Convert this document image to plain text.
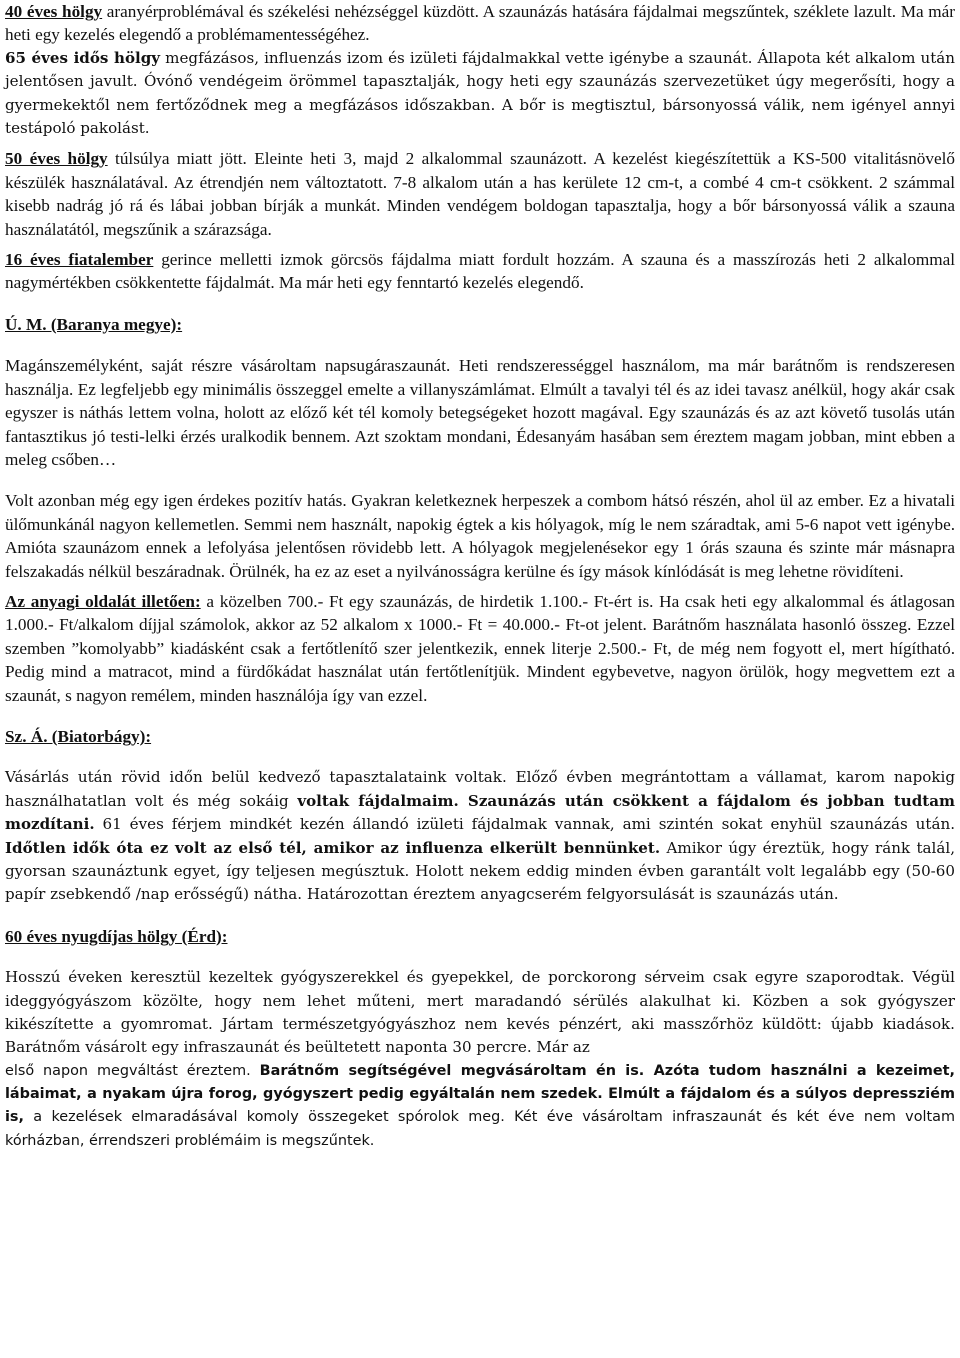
40 éves hölgy aranyérproblémával és székelési nehézséggel küzdött. A szaunázás hatására fájdalmai megszűntek, széklete lazult. Ma már heti egy kezelés elegendő a problémamentességéhez.

65 éves idős hölgy megfázásos, influenzás izom és izületi fájdalmakkal vette igénybe a szaunát. Állapota két alkalom után jelentősen javult. Óvónő vendégeim örömmel tapasztalják, hogy heti egy szaunázás szervezetüket úgy megerősíti, hogy a gyermekektől nem fertőződnek meg a megfázásos időszakban. A bőr is megtisztul, bársonyossá válik, nem igényel annyi testápoló pakolást.

50 éves hölgy túlsúlya miatt jött. Eleinte heti 3, majd 2 alkalommal szaunázott. A kezelést kiegészítettük a KS-500 vitalitásnövelő készülék használatával. Az étrendjén nem változtatott. 7-8 alkalom után a has kerülete 12 cm-t, a combé 4 cm-t csökkent. 2 számmal kisebb nadrág jó rá és lábai jobban bírják a munkát. Minden vendégem boldogan tapasztalja, hogy a bőr bársonyossá válik a szauna használatától, megszűnik a szárazsága.

16 éves fiatalember gerince melletti izmok görcsös fájdalma miatt fordult hozzám. A szauna és a masszírozás heti 2 alkalommal nagymértékben csökkentette fájdalmát. Ma már heti egy fenntartó kezelés elegendő.

Ú. M. (Baranya megye):

Magánszemélyként, saját részre vásároltam napsugáraszaunát. Heti rendszerességgel használom, ma már barátnőm is rendszeresen használja. Ez legfeljebb egy minimális összeggel emelte a villanyszámlámat. Elmúlt a tavalyi tél és az idei tavasz anélkül, hogy akár csak egyszer is náthás lettem volna, holott az előző két tél komoly betegségeket hozott magával. Egy szaunázás és az azt követő tusolás után fantasztikus jó testi-lelki érzés uralkodik bennem. Azt szoktam mondani, Édesanyám hasában sem éreztem magam jobban, mint ebben a meleg csőben…

Volt azonban még egy igen érdekes pozitív hatás. Gyakran keletkeznek herpeszek a combom hátsó részén, ahol ül az ember. Ez a hivatali ülőmunkánál nagyon kellemetlen. Semmi nem használt, napokig égtek a kis hólyagok, míg le nem száradtak, ami 5-6 napot vett igénybe. Amióta szaunázom ennek a lefolyása jelentősen rövidebb lett. A hólyagok megjelenésekor egy 1 órás szauna és szinte már másnapra felszakadás nélkül beszáradnak. Örülnék, ha ez az eset a nyilvánosságra kerülne és így mások kínlódását is meg lehetne rövidíteni.

Az anyagi oldalát illetően: a közelben 700.- Ft egy szaunázás, de hirdetik 1.100.- Ft-ért is. Ha csak heti egy alkalommal és átlagosan 1.000.- Ft/alkalom díjjal számolok, akkor az 52 alkalom x 1000.- Ft = 40.000.- Ft-ot jelent. Barátnőm használata hasonló összeg. Ezzel szemben ”komolyabb” kiadásként csak a fertőtlenítő szer jelentkezik, ennek literje 2.500.- Ft, de még nem fogyott el, mert hígítható. Pedig mind a matracot, mind a fürdőkádat használat után fertőtlenítjük. Mindent egybevetve, nagyon örülök, hogy megvettem ezt a szaunát, s nagyon remélem, minden használója így van ezzel.

Sz. Á. (Biatorbágy):

Vásárlás után rövid időn belül kedvező tapasztalataink voltak. Előző évben megrántottam a vállamat, karom napokig használhatatlan volt és még sokáig voltak fájdalmaim. Szaunázás után csökkent a fájdalom és jobban tudtam mozdítani. 61 éves férjem mindkét kezén állandó izületi fájdalmak vannak, ami szintén sokat enyhül szaunázás után. Időtlen idők óta ez volt az első tél, amikor az influenza elkerült bennünket. Amikor úgy éreztük, hogy ránk talál, gyorsan szaunáztunk egyet, így teljesen megúsztuk. Holott nekem eddig minden évben garantált volt legalább egy (50-60 papír zsebkendő /nap erősségű) nátha. Határozottan éreztem anyagcserém felgyorsulását is szaunázás után.

60 éves nyugdíjas hölgy (Érd):

Hosszú éveken keresztül kezeltek gyógyszerekkel és gyepekkel, de porckorong sérveim csak egyre szaporodtak. Végül ideggyógyászom közölte, hogy nem lehet műteni, mert maradandó sérülés alakulhat ki. Közben a sok gyógyszer kikészítette a gyomromat. Jártam természetgyógyászhoz nem kevés pénzért, aki masszőrhöz küldött: újabb kiadások. Barátnőm vásárolt egy infraszaunát és beültetett naponta 30 percre. Már az

első napon megváltást éreztem. Barátnőm segítségével megvásároltam én is. Azóta tudom használni a kezeimet, lábaimat, a nyakam újra forog, gyógyszert pedig egyáltalán nem szedek. Elmúlt a fájdalom és a súlyos depressziém is, a kezelések elmaradásával komoly összegeket spórolok meg. Két éve vásároltam infraszaunát és két éve nem voltam kórházban, érrendszeri problémáim is megszűntek.
